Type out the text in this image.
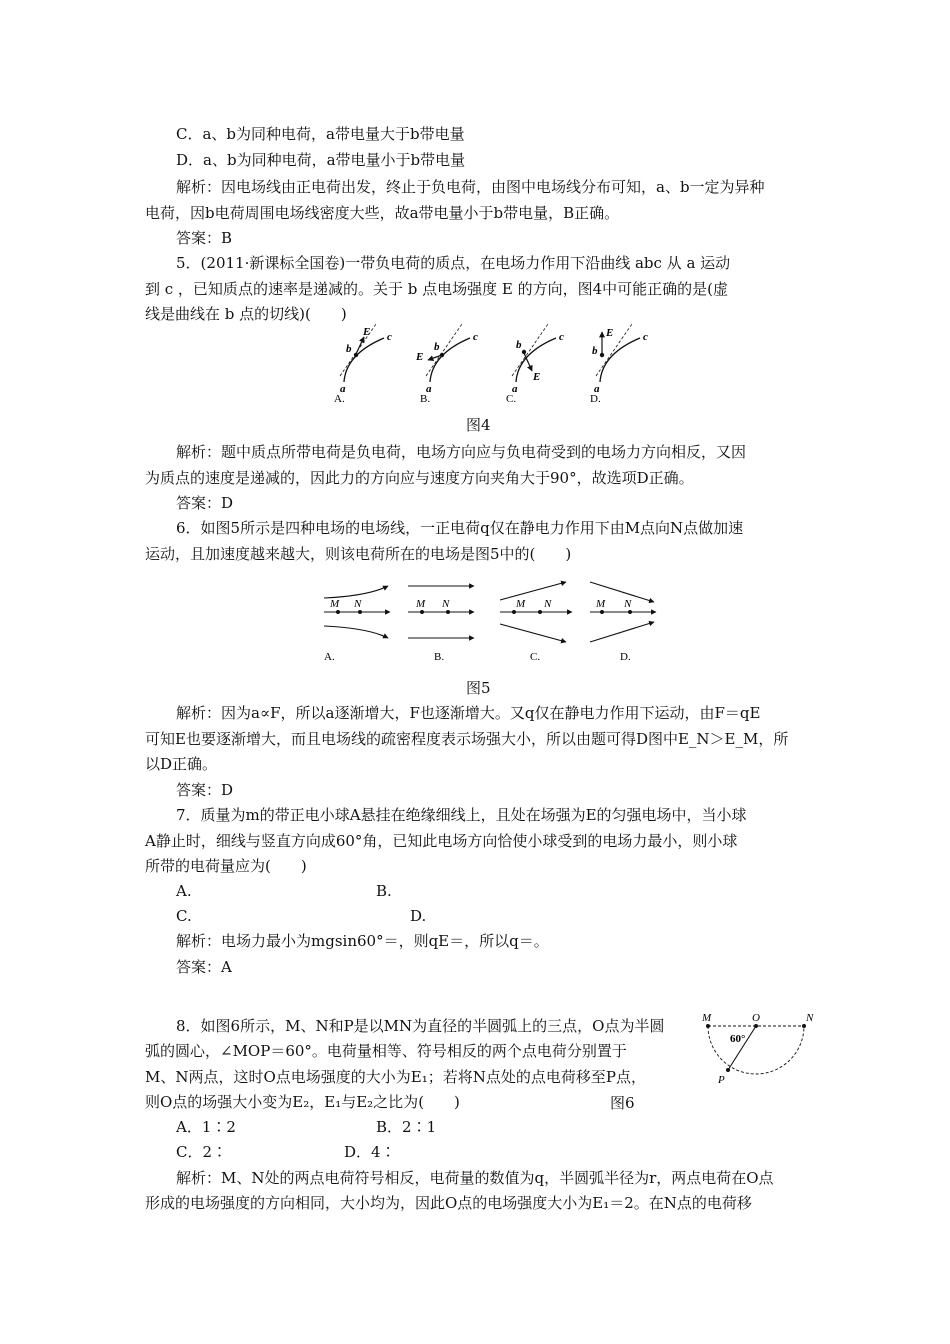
C．a、b为同种电荷，a带电量大于b带电量
D．a、b为同种电荷，a带电量小于b带电量
解析：因电场线由正电荷出发，终止于负电荷，由图中电场线分布可知，a、b一定为异种
电荷，因b电荷周围电场线密度大些，故a带电量小于b带电量，B正确。
答案：B
5．(2011·新课标全国卷)一带负电荷的质点，在电场力作用下沿曲线 abc 从 a 运动
到 c ，已知质点的速率是递减的。关于 b 点电场强度 E 的方向，图4中可能正确的是(虚
线是曲线在 b 点的切线)(　　)
b
E c
a
A.
b
E
c
a
B.
b
E
c
a
C.
b
E	c
a
D.
图4
解析：题中质点所带电荷是负电荷，电场方向应与负电荷受到的电场力方向相反，又因
为质点的速度是递减的，因此力的方向应与速度方向夹角大于90°，故选项D正确。
答案：D
6．如图5所示是四种电场的电场线，一正电荷q仅在静电力作用下由M点向N点做加速
运动，且加速度越来越大，则该电荷所在的电场是图5中的(　　)
M N
A.
M N
B.
M N
C.
M N
D.
图5
解析：因为a∝F，所以a逐渐增大，F也逐渐增大。又q仅在静电力作用下运动，由F＝qE
可知E也要逐渐增大，而且电场线的疏密程度表示场强大小，所以由题可得D图中E_N＞E_M，所
以D正确。
答案：D
7．质量为m的带正电小球A悬挂在绝缘细线上，且处在场强为E的匀强电场中，当小球
A静止时，细线与竖直方向成60°角，已知此电场方向恰使小球受到的电场力最小，则小球
所带的电荷量应为(　　)
A.	B.
C.	D.
解析：电场力最小为mgsin60°＝，则qE＝，所以q＝。
答案：A
8．如图6所示，M、N和P是以MN为直径的半圆弧上的三点，O点为半圆
弧的圆心，∠MOP＝60°。电荷量相等、符号相反的两个点电荷分别置于
M、N两点，这时O点电场强度的大小为E₁；若将N点处的点电荷移至P点，
则O点的场强大小变为E₂，E₁与E₂之比为(　　)
M	O	N
P
60°
图6
A．1∶2	B．2∶1
C．2∶	D．4∶
解析：M、N处的两点电荷符号相反，电荷量的数值为q，半圆弧半径为r，两点电荷在O点
形成的电场强度的方向相同，大小均为，因此O点的电场强度大小为E₁＝2。在N点的电荷移
